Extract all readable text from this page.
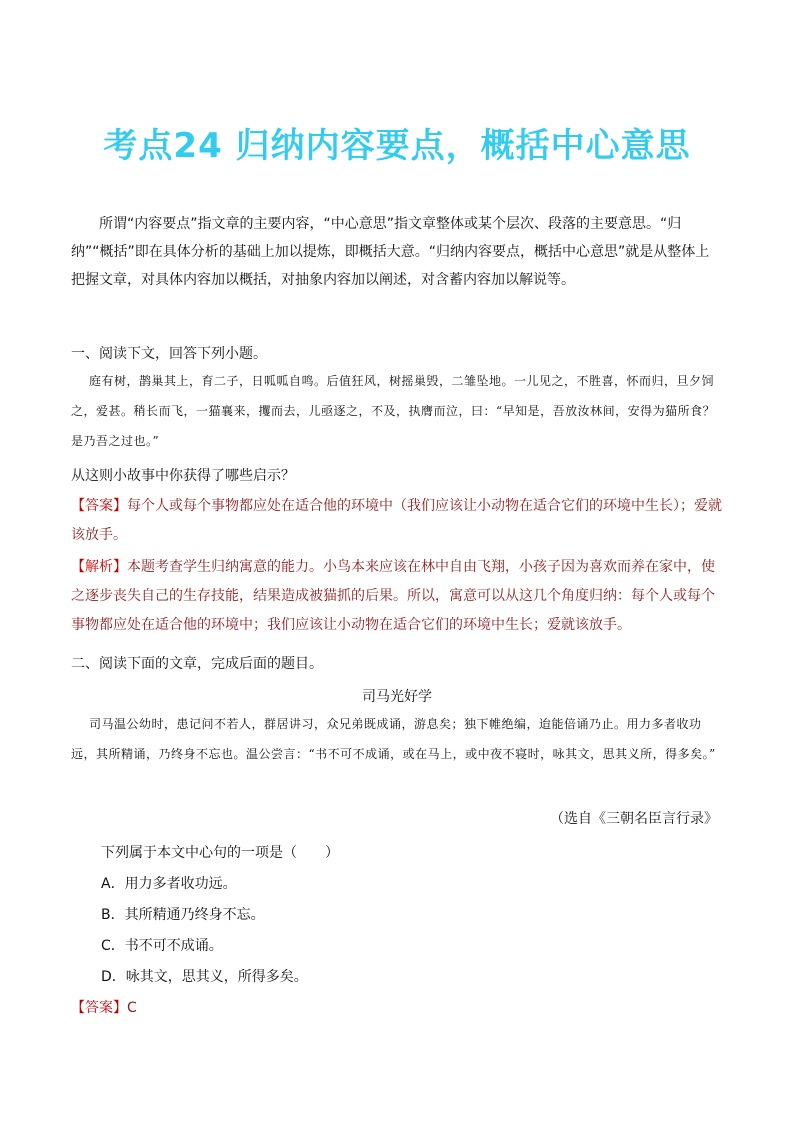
考点24 归纳内容要点，概括中心意思
所谓“内容要点”指文章的主要内容，“中心意思”指文章整体或某个层次、段落的主要意思。“归纳”“概括”即在具体分析的基础上加以提炼，即概括大意。“归纳内容要点，概括中心意思”就是从整体上把握文章，对具体内容加以概括，对抽象内容加以阐述，对含蓄内容加以解说等。
一、阅读下文，回答下列小题。
庭有树，鹊巢其上，育二子，日呱呱自鸣。后值狂风，树摇巢毁，二雏坠地。一儿见之，不胜喜，怀而归，旦夕饲之，爱甚。稍长而飞，一猫襄来，攫而去，儿亟逐之，不及，执膺而泣，曰：“早知是，吾放汝林间，安得为猫所食？是乃吾之过也。”
从这则小故事中你获得了哪些启示？
【答案】每个人或每个事物都应处在适合他的环境中（我们应该让小动物在适合它们的环境中生长）；爱就该放手。
【解析】本题考查学生归纳寓意的能力。小鸟本来应该在林中自由飞翔，小孩子因为喜欢而养在家中，使之逐步丧失自己的生存技能，结果造成被猫抓的后果。所以，寓意可以从这几个角度归纳：每个人或每个事物都应处在适合他的环境中；我们应该让小动物在适合它们的环境中生长；爱就该放手。
二、阅读下面的文章，完成后面的题目。
司马光好学
司马温公幼时，患记问不若人，群居讲习，众兄弟既成诵，游息矣；独下帷绝编，迨能倍诵乃止。用力多者收功远，其所精诵，乃终身不忘也。温公尝言：“书不可不成诵，或在马上，或中夜不寝时，咏其文，思其义所，得多矣。”
（选自《三朝名臣言行录》
下列属于本文中心句的一项是（　　）
A．用力多者收功远。
B．其所精通乃终身不忘。
C．书不可不成诵。
D．咏其文，思其义，所得多矣。
【答案】C
